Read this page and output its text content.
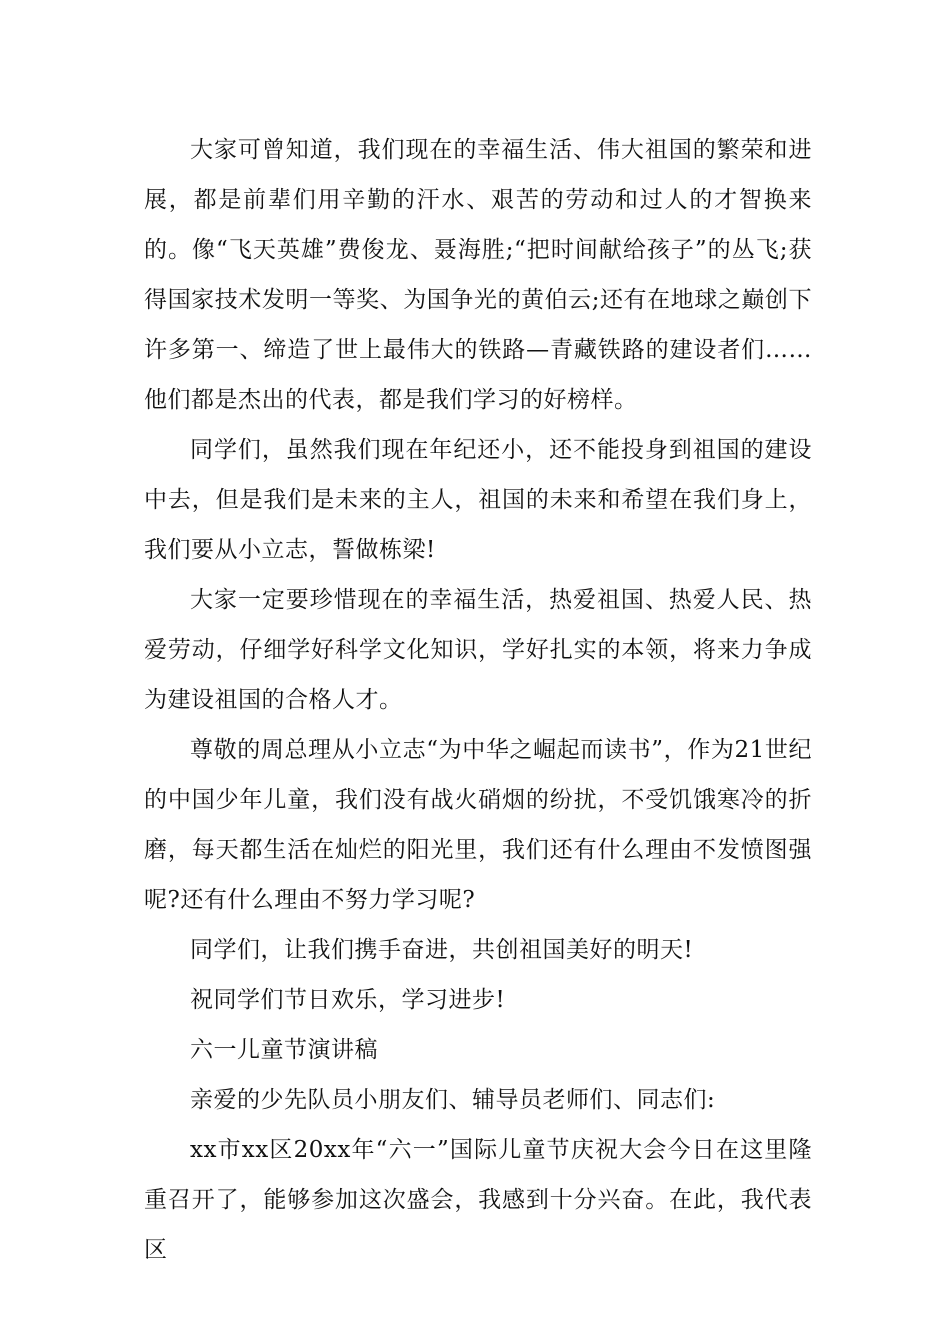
大家可曾知道，我们现在的幸福生活、伟大祖国的繁荣和进展，都是前辈们用辛勤的汗水、艰苦的劳动和过人的才智换来的。像“飞天英雄”费俊龙、聂海胜;“把时间献给孩子”的丛飞;获得国家技术发明一等奖、为国争光的黄伯云;还有在地球之巅创下许多第一、缔造了世上最伟大的铁路—青藏铁路的建设者们……他们都是杰出的代表，都是我们学习的好榜样。

同学们，虽然我们现在年纪还小，还不能投身到祖国的建设中去，但是我们是未来的主人，祖国的未来和希望在我们身上，我们要从小立志，誓做栋梁!

大家一定要珍惜现在的幸福生活，热爱祖国、热爱人民、热爱劳动，仔细学好科学文化知识，学好扎实的本领，将来力争成为建设祖国的合格人才。

尊敬的周总理从小立志“为中华之崛起而读书”，作为21世纪的中国少年儿童，我们没有战火硝烟的纷扰，不受饥饿寒冷的折磨，每天都生活在灿烂的阳光里，我们还有什么理由不发愤图强呢?还有什么理由不努力学习呢?

同学们，让我们携手奋进，共创祖国美好的明天!

祝同学们节日欢乐，学习进步!

六一儿童节演讲稿

亲爱的少先队员小朋友们、辅导员老师们、同志们:

xx市xx区20xx年“六一”国际儿童节庆祝大会今日在这里隆重召开了，能够参加这次盛会，我感到十分兴奋。在此，我代表区
